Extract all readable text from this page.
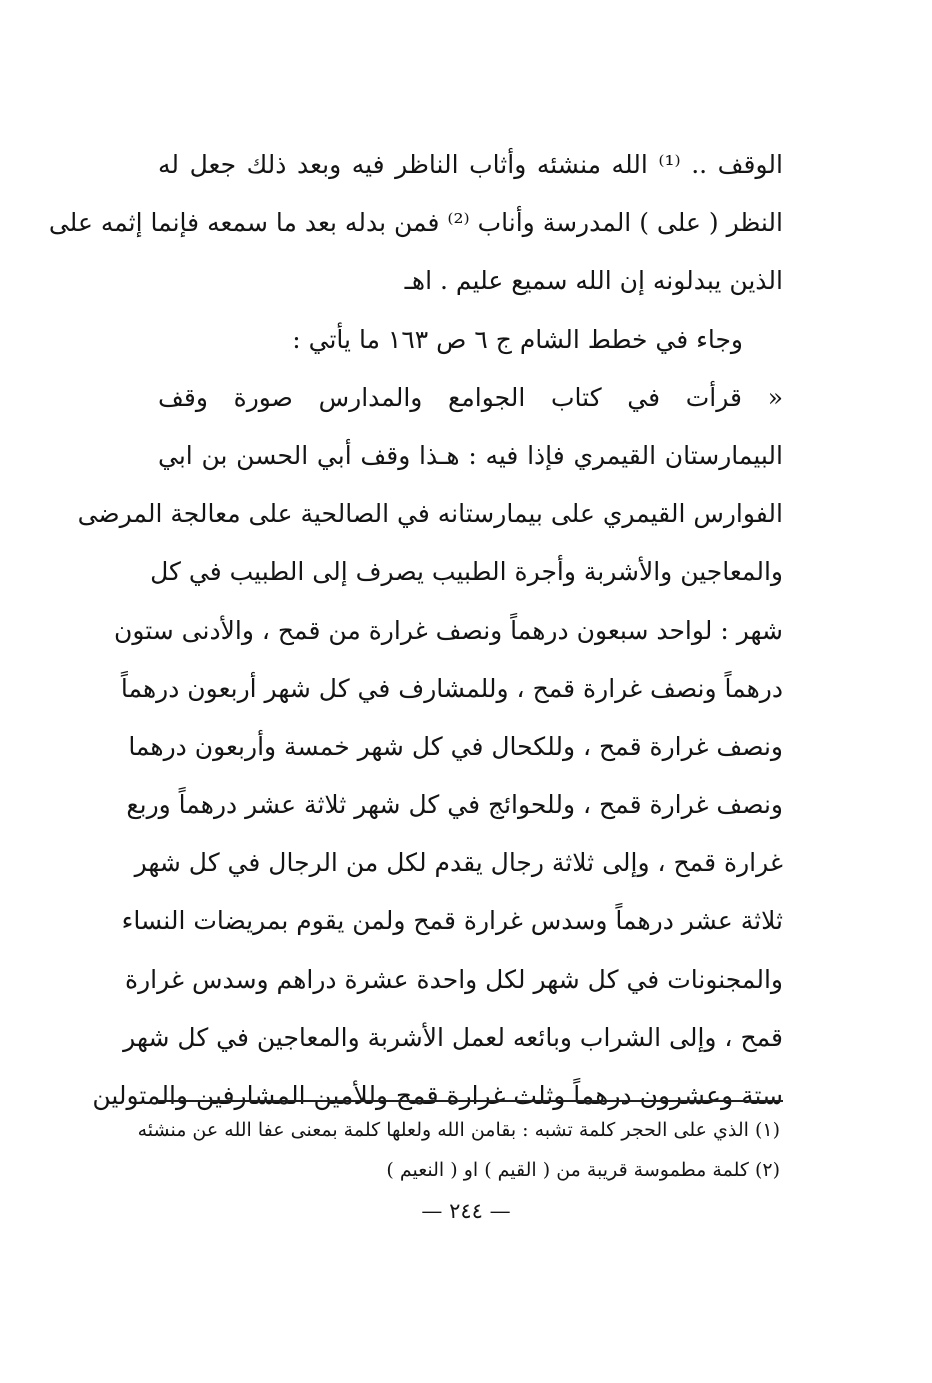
الوقف .. ⁽¹⁾ الله منشئه وأثاب الناظر فيه وبعد ذلك جعل له
النظر ( على ) المدرسة وأناب ⁽²⁾ فمن بدله بعد ما سمعه فإنما إثمه على
الذين يبدلونه إن الله سميع عليم . اهـ
وجاء في خطط الشام ج ٦ ص ١٦٣ ما يأتي :
« قرأت في كتاب الجوامع والمدارس صورة وقف
البيمارستان القيمري فإذا فيه : هـذا وقف أبي الحسن بن ابي
الفوارس القيمري على بيمارستانه في الصالحية على معالجة المرضى
والمعاجين والأشربة وأجرة الطبيب يصرف إلى الطبيب في كل
شهر : لواحد سبعون درهماً ونصف غرارة من قمح ، والأدنى ستون
درهماً ونصف غرارة قمح ، وللمشارف في كل شهر أربعون درهماً
ونصف غرارة قمح ، وللكحال في كل شهر خمسة وأربعون درهما
ونصف غرارة قمح ، وللحوائج في كل شهر ثلاثة عشر درهماً وربع
غرارة قمح ، وإلى ثلاثة رجال يقدم لكل من الرجال في كل شهر
ثلاثة عشر درهماً وسدس غرارة قمح ولمن يقوم بمريضات النساء
والمجنونات في كل شهر لكل واحدة عشرة دراهم وسدس غرارة
قمح ، وإلى الشراب وبائعه لعمل الأشربة والمعاجين في كل شهر
ستة وعشرون درهماً وثلث غرارة قمح وللأمين المشارفين والمتولين
(١) الذي على الحجر كلمة تشبه : بقامن الله ولعلها كلمة بمعنى عفا الله عن منشئه
(٢) كلمة مطموسة قريبة من ( القيم ) او ( النعيم )
— ٢٤٤ —
